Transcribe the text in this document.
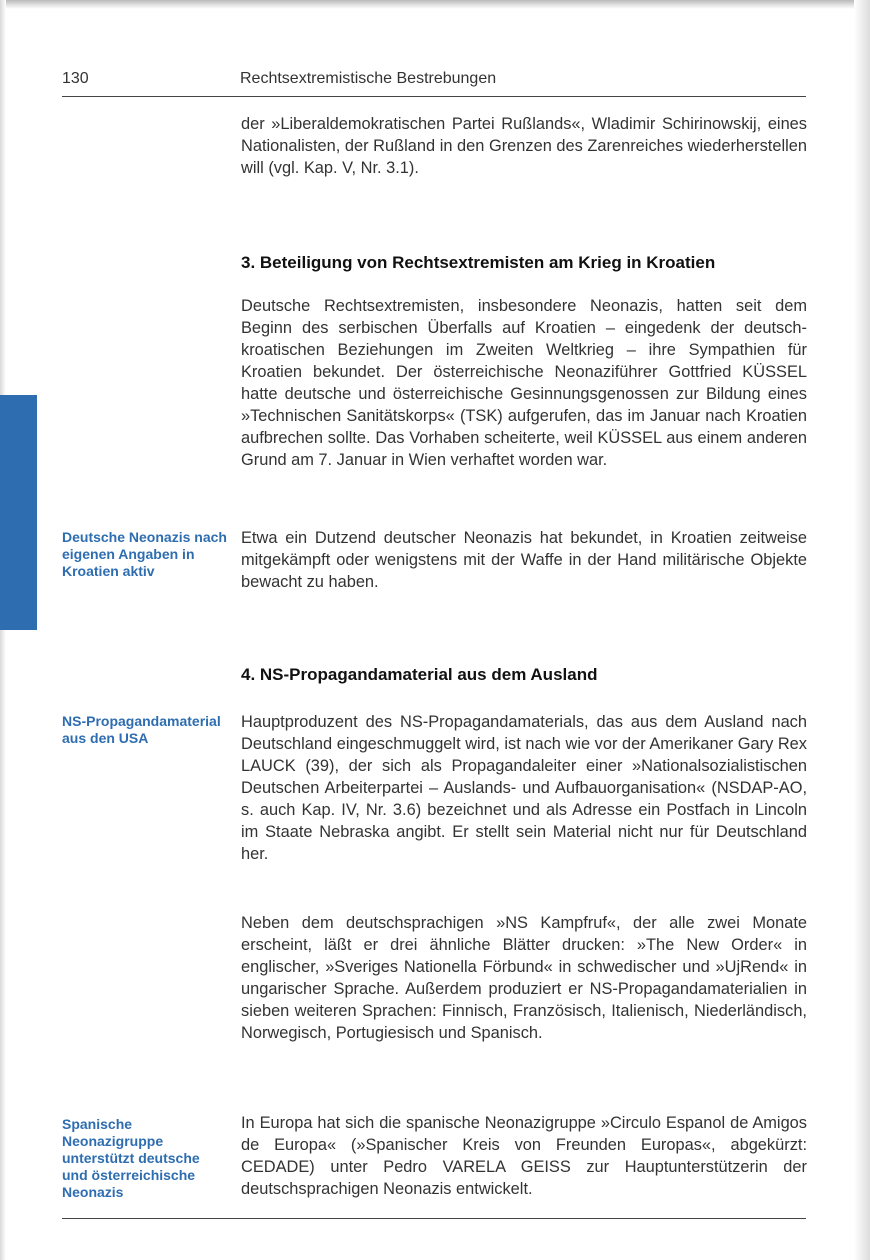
130	Rechtsextremistische Bestrebungen

der »Liberaldemokratischen Partei Rußlands«, Wladimir Schirinowskij, eines Nationalisten, der Rußland in den Grenzen des Zarenreiches wiederherstellen will (vgl. Kap. V, Nr. 3.1).

3. Beteiligung von Rechtsextremisten am Krieg in Kroatien

Deutsche Rechtsextremisten, insbesondere Neonazis, hatten seit dem Beginn des serbischen Überfalls auf Kroatien – eingedenk der deutsch-kroatischen Beziehungen im Zweiten Weltkrieg – ihre Sympathien für Kroatien bekundet. Der österreichische Neonaziführer Gottfried KÜSSEL hatte deutsche und österreichische Gesinnungsgenossen zur Bildung eines »Technischen Sanitätskorps« (TSK) aufgerufen, das im Januar nach Kroatien aufbrechen sollte. Das Vorhaben scheiterte, weil KÜSSEL aus einem anderen Grund am 7. Januar in Wien verhaftet worden war.

Deutsche Neonazis nach eigenen Angaben in Kroatien aktiv

Etwa ein Dutzend deutscher Neonazis hat bekundet, in Kroatien zeitweise mitgekämpft oder wenigstens mit der Waffe in der Hand militärische Objekte bewacht zu haben.

4. NS-Propagandamaterial aus dem Ausland

NS-Propagandamaterial aus den USA

Hauptproduzent des NS-Propagandamaterials, das aus dem Ausland nach Deutschland eingeschmuggelt wird, ist nach wie vor der Amerikaner Gary Rex LAUCK (39), der sich als Propagandaleiter einer »Nationalsozialistischen Deutschen Arbeiterpartei – Auslands- und Aufbauorganisation« (NSDAP-AO, s. auch Kap. IV, Nr. 3.6) bezeichnet und als Adresse ein Postfach in Lincoln im Staate Nebraska angibt. Er stellt sein Material nicht nur für Deutschland her.

Neben dem deutschsprachigen »NS Kampfruf«, der alle zwei Monate erscheint, läßt er drei ähnliche Blätter drucken: »The New Order« in englischer, »Sveriges Nationella Förbund« in schwedischer und »UjRend« in ungarischer Sprache. Außerdem produziert er NS-Propagandamaterialien in sieben weiteren Sprachen: Finnisch, Französisch, Italienisch, Niederländisch, Norwegisch, Portugiesisch und Spanisch.

Spanische Neonazigruppe unterstützt deutsche und österreichische Neonazis

In Europa hat sich die spanische Neonazigruppe »Circulo Espanol de Amigos de Europa« (»Spanischer Kreis von Freunden Europas«, abgekürzt: CEDADE) unter Pedro VARELA GEISS zur Hauptunterstützerin der deutschsprachigen Neonazis entwickelt.
